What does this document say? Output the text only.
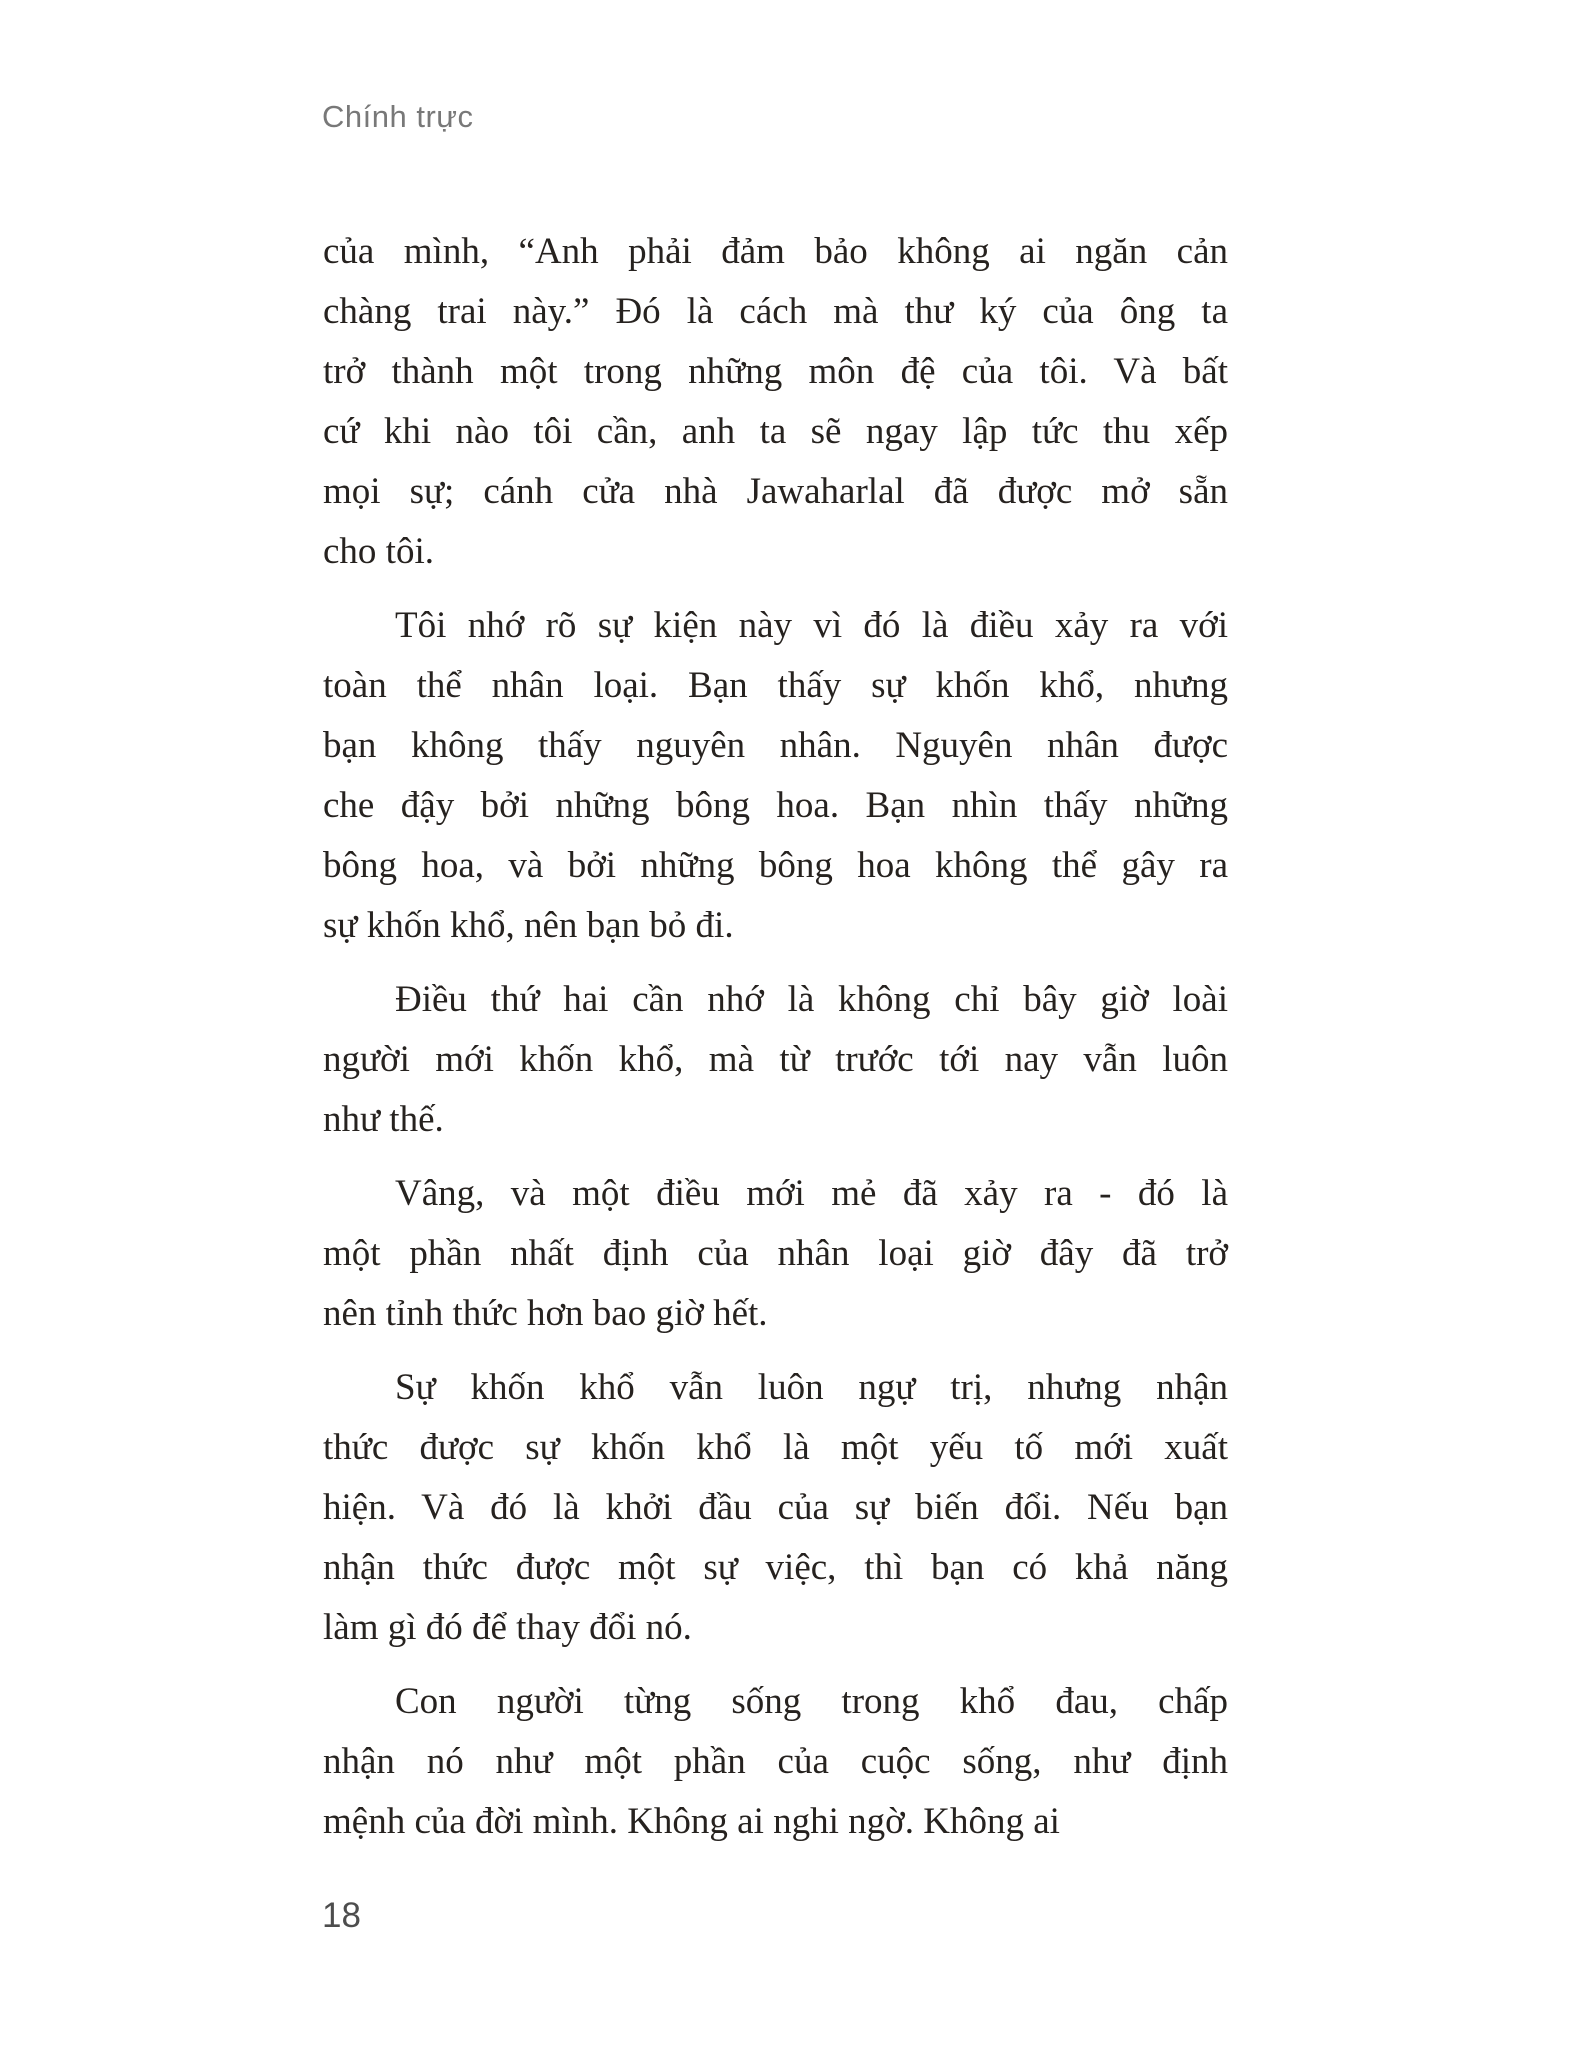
Chính trực

của mình, “Anh phải đảm bảo không ai ngăn cản
chàng trai này.” Đó là cách mà thư ký của ông ta
trở thành một trong những môn đệ của tôi. Và bất
cứ khi nào tôi cần, anh ta sẽ ngay lập tức thu xếp
mọi sự; cánh cửa nhà Jawaharlal đã được mở sẵn
cho tôi.

Tôi nhớ rõ sự kiện này vì đó là điều xảy ra với
toàn thể nhân loại. Bạn thấy sự khốn khổ, nhưng
bạn không thấy nguyên nhân. Nguyên nhân được
che đậy bởi những bông hoa. Bạn nhìn thấy những
bông hoa, và bởi những bông hoa không thể gây ra
sự khốn khổ, nên bạn bỏ đi.

Điều thứ hai cần nhớ là không chỉ bây giờ loài
người mới khốn khổ, mà từ trước tới nay vẫn luôn
như thế.

Vâng, và một điều mới mẻ đã xảy ra - đó là
một phần nhất định của nhân loại giờ đây đã trở
nên tỉnh thức hơn bao giờ hết.

Sự khốn khổ vẫn luôn ngự trị, nhưng nhận
thức được sự khốn khổ là một yếu tố mới xuất
hiện. Và đó là khởi đầu của sự biến đổi. Nếu bạn
nhận thức được một sự việc, thì bạn có khả năng
làm gì đó để thay đổi nó.

Con người từng sống trong khổ đau, chấp
nhận nó như một phần của cuộc sống, như định
mệnh của đời mình. Không ai nghi ngờ. Không ai

18
